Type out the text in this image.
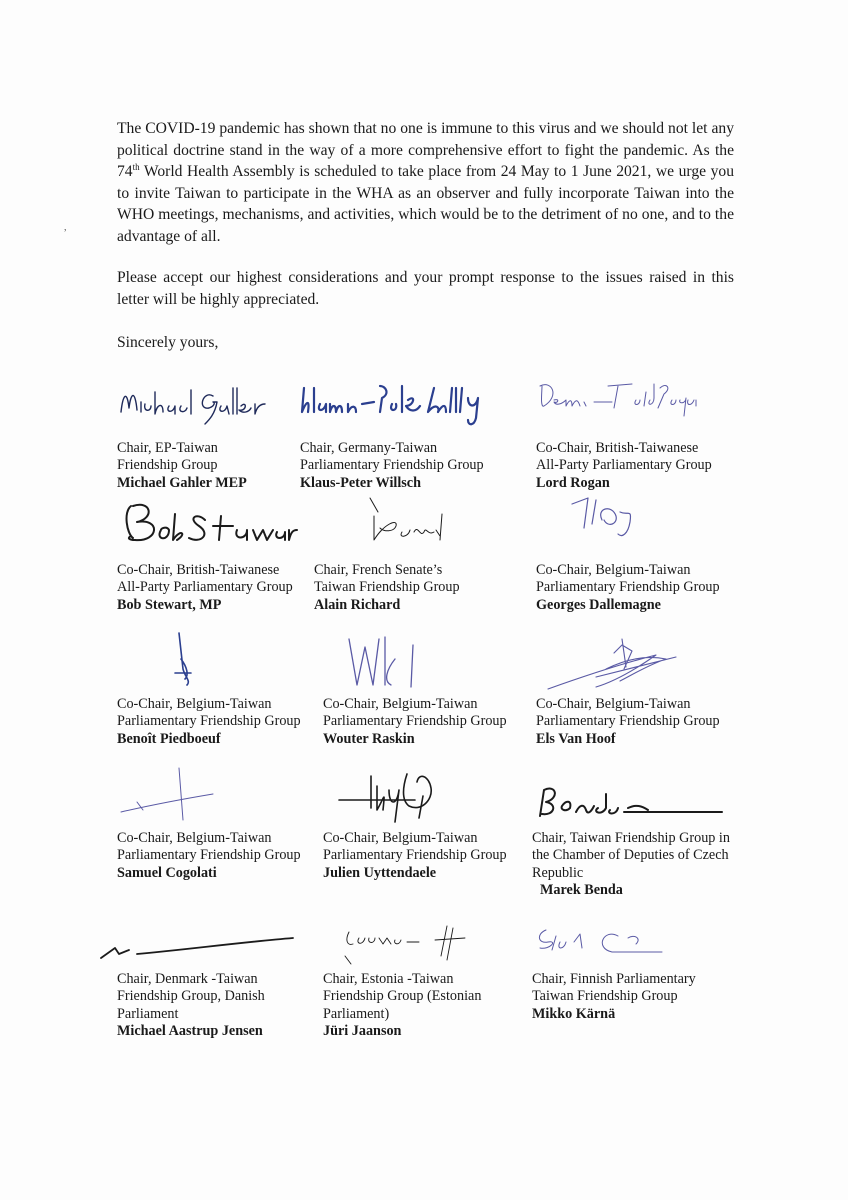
The COVID-19 pandemic has shown that no one is immune to this virus and we should not let any political doctrine stand in the way of a more comprehensive effort to fight the pandemic. As the 74th World Health Assembly is scheduled to take place from 24 May to 1 June 2021, we urge you to invite Taiwan to participate in the WHA as an observer and fully incorporate Taiwan into the WHO meetings, mechanisms, and activities, which would be to the detriment of no one, and to the advantage of all.

,

Please accept our highest considerations and your prompt response to the issues raised in this letter will be highly appreciated.

Sincerely yours,

Chair, EP-Taiwan
Friendship Group
Michael Gahler MEP
Chair, Germany-Taiwan
Parliamentary Friendship Group
Klaus-Peter Willsch
Co-Chair, British-Taiwanese
All-Party Parliamentary Group
Lord Rogan
Co-Chair, British-Taiwanese
All-Party Parliamentary Group
Bob Stewart, MP
Chair, French Senate’s
Taiwan Friendship Group
Alain Richard
Co-Chair, Belgium-Taiwan
Parliamentary Friendship Group
Georges Dallemagne
Co-Chair, Belgium-Taiwan
Parliamentary Friendship Group
Benoît Piedboeuf
Co-Chair, Belgium-Taiwan
Parliamentary Friendship Group
Wouter Raskin
Co-Chair, Belgium-Taiwan
Parliamentary Friendship Group
Els Van Hoof
Co-Chair, Belgium-Taiwan
Parliamentary Friendship Group
Samuel Cogolati
Co-Chair, Belgium-Taiwan
Parliamentary Friendship Group
Julien Uyttendaele
Chair, Taiwan Friendship Group in
the Chamber of Deputies of Czech
Republic
Marek Benda
Chair, Denmark -Taiwan
Friendship Group, Danish
Parliament
Michael Aastrup Jensen
Chair, Estonia -Taiwan
Friendship Group (Estonian
Parliament)
Jüri Jaanson
Chair, Finnish Parliamentary
Taiwan Friendship Group
Mikko Kärnä
